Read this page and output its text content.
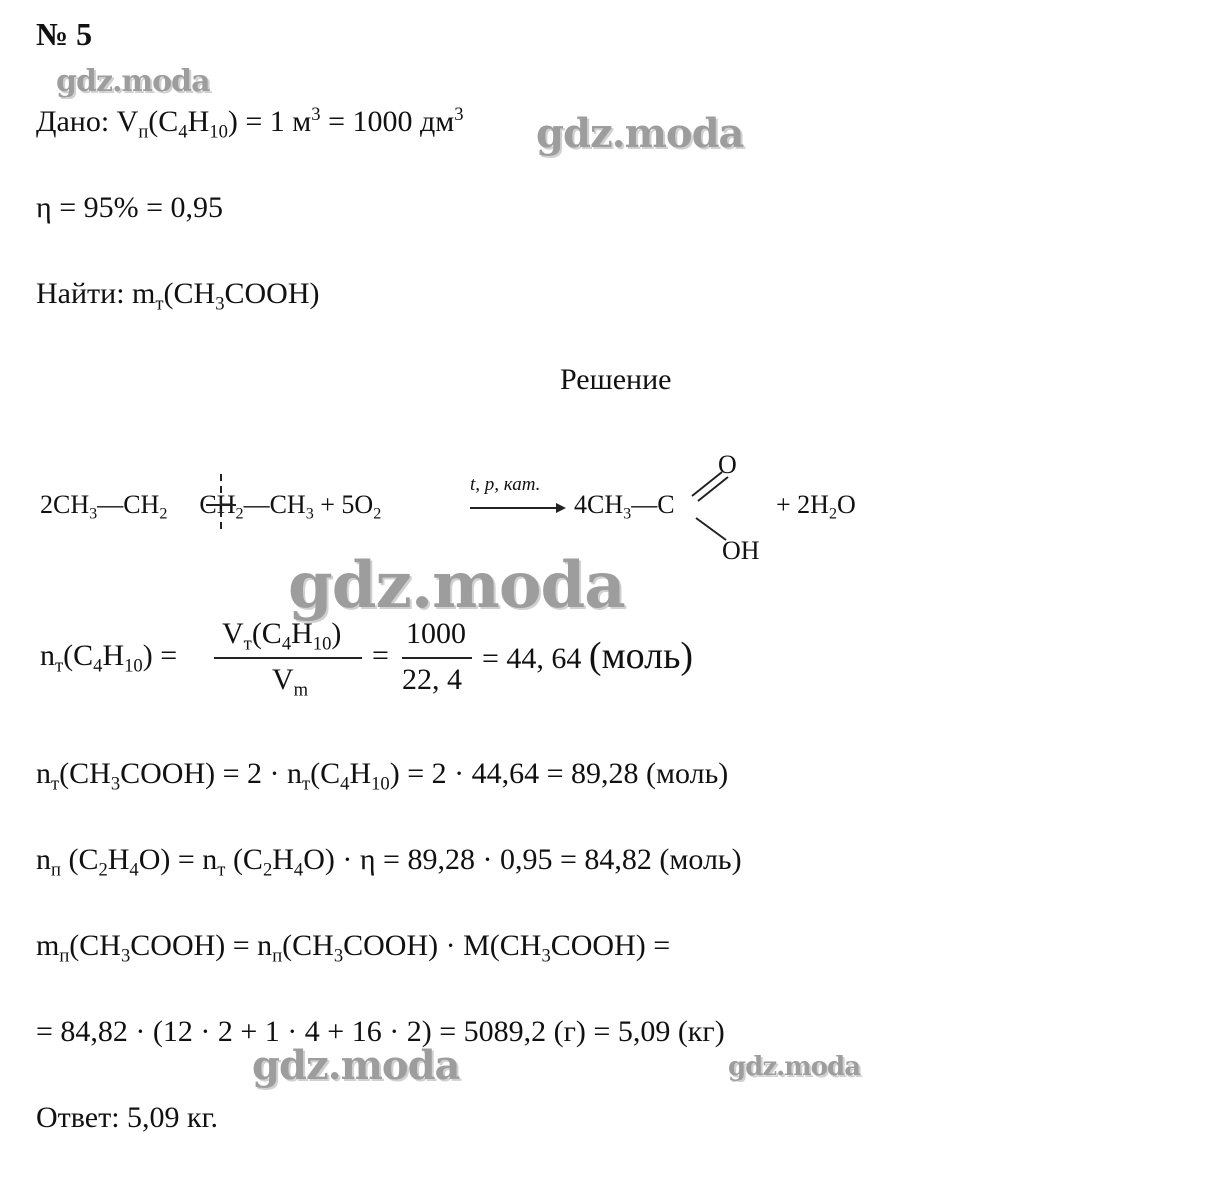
№ 5
gdz.moda
gdz.moda
gdz.moda
gdz.moda	gdz.moda
Дано: $V_п(C_4H_{10}) = 1$ $м^3 = 1000$ $дм^3$
η = 95% = 0,95
Найти: $m_т(CH_3COOH)$
Решение
$2CH_3—CH_2$ $CH_2—CH_3 + 5O_2$
t, p, кат.
$4CH_3—C$
O
OH
+ $2H_2O$
$n_т(C_4H_{10})$ =
$V_т(C_4H_{10})$
$V_m$
=
1000
22, 4
= 44, 64 (моль)
$n_т(CH_3COOH) = 2 \cdot n_т(C_4H_{10}) = 2 \cdot 44,64 = 89,28$ (моль)
$n_п$ $(C_2H_4O) = n_т$ $(C_2H_4O) \cdot \eta = 89,28 \cdot 0,95 = 84,82$ (моль)
$m_п(CH_3COOH)$ = $n_п(CH_3COOH)$ · $M(CH_3COOH)$ =
= 84,82 · (12 · 2 + 1 · 4 + 16 · 2) = 5089,2 (г) = 5,09 (кг)
Ответ: 5,09 кг.
